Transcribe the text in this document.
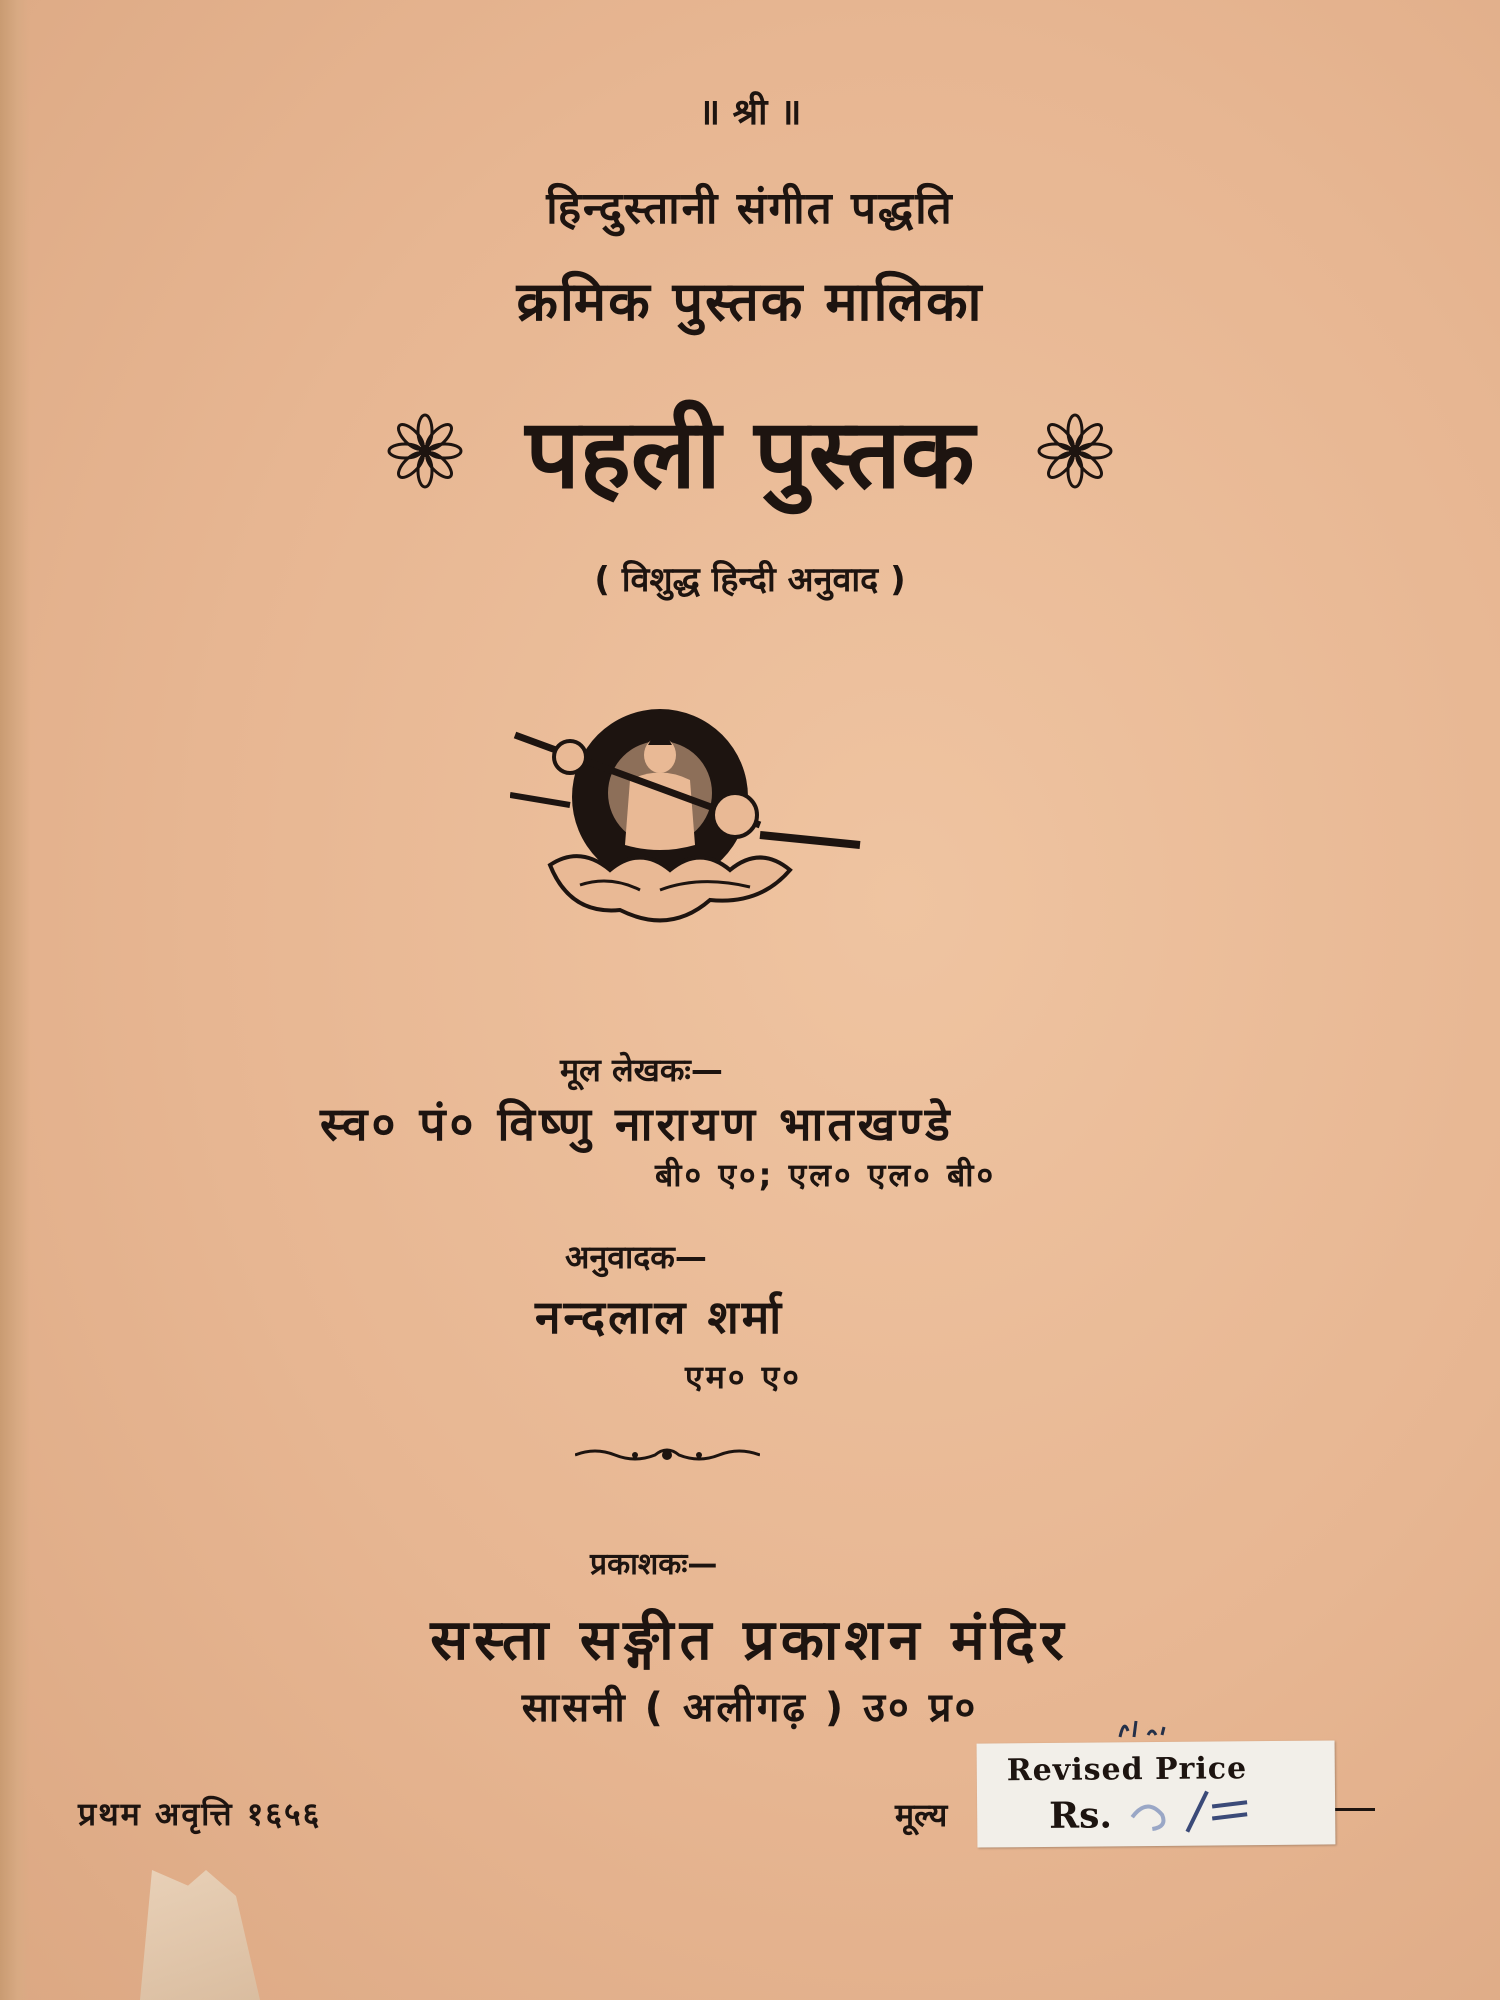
॥ श्री ॥
हिन्दुस्तानी संगीत पद्धति
क्रमिक पुस्तक मालिका
पहली पुस्तक
( विशुद्ध हिन्दी अनुवाद )
मूल लेखकः—
स्व० पं० विष्णु नारायण भातखण्डे
बी० ए०; एल० एल० बी०
अनुवादक—
नन्दलाल शर्मा
एम० ए०
प्रकाशकः—
सस्ता सङ्गीत प्रकाशन मंदिर
सासनी ( अलीगढ़ ) उ० प्र०
प्रथम अवृत्ति १६५६	मूल्य
Revised Price
Rs.
